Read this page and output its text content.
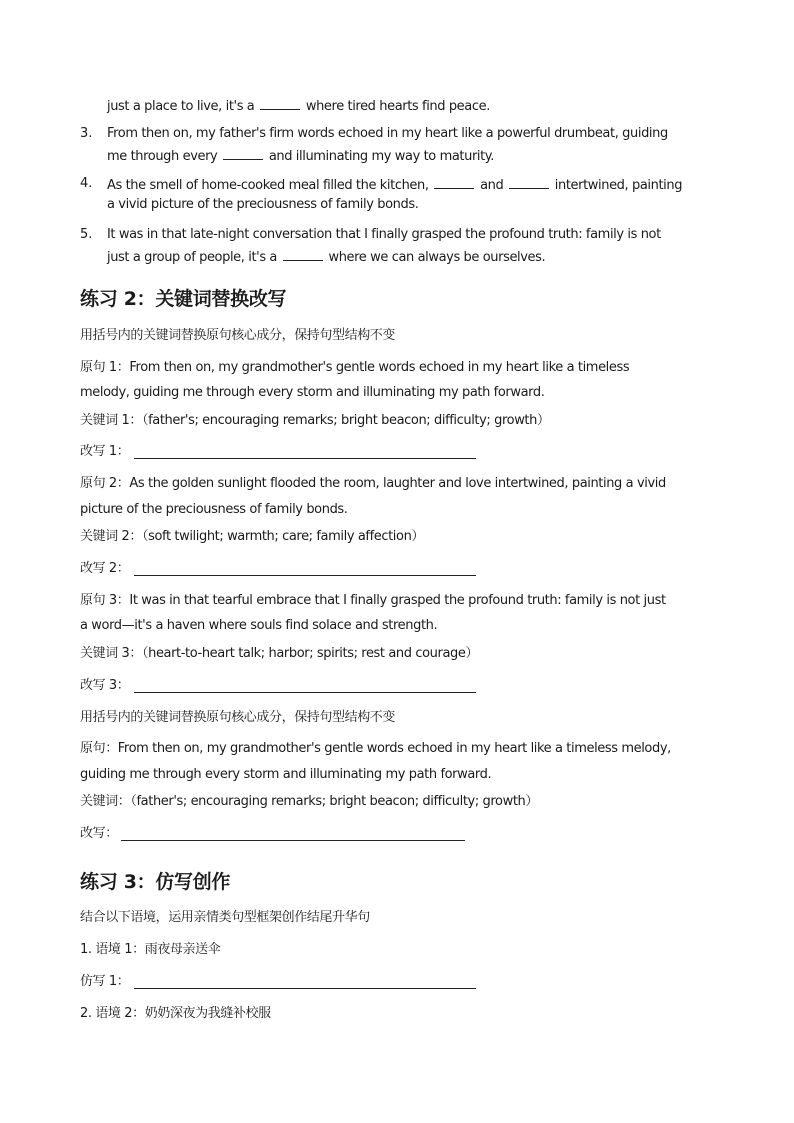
just a place to live, it's a	where tired hearts find peace.
3. From then on, my father's firm words echoed in my heart like a powerful drumbeat, guiding
me through every	and illuminating my way to maturity.
4. As the smell of home-cooked meal filled the kitchen,	and	intertwined, painting
a vivid picture of the preciousness of family bonds.
5. It was in that late-night conversation that I finally grasped the profound truth: family is not
just a group of people, it's a	where we can always be ourselves.
练习 2：关键词替换改写
用括号内的关键词替换原句核心成分，保持句型结构不变
原句 1：From then on, my grandmother's gentle words echoed in my heart like a timeless
melody, guiding me through every storm and illuminating my path forward.
关键词 1：（father's; encouraging remarks; bright beacon; difficulty; growth）
改写 1：
原句 2：As the golden sunlight flooded the room, laughter and love intertwined, painting a vivid
picture of the preciousness of family bonds.
关键词 2：（soft twilight; warmth; care; family affection）
改写 2：
原句 3：It was in that tearful embrace that I finally grasped the profound truth: family is not just
a word—it's a haven where souls find solace and strength.
关键词 3：（heart-to-heart talk; harbor; spirits; rest and courage）
改写 3：
用括号内的关键词替换原句核心成分，保持句型结构不变
原句：From then on, my grandmother's gentle words echoed in my heart like a timeless melody,
guiding me through every storm and illuminating my path forward.
关键词：（father's; encouraging remarks; bright beacon; difficulty; growth）
改写：
练习 3：仿写创作
结合以下语境，运用亲情类句型框架创作结尾升华句
1. 语境 1：雨夜母亲送伞
仿写 1：
2. 语境 2：奶奶深夜为我缝补校服
